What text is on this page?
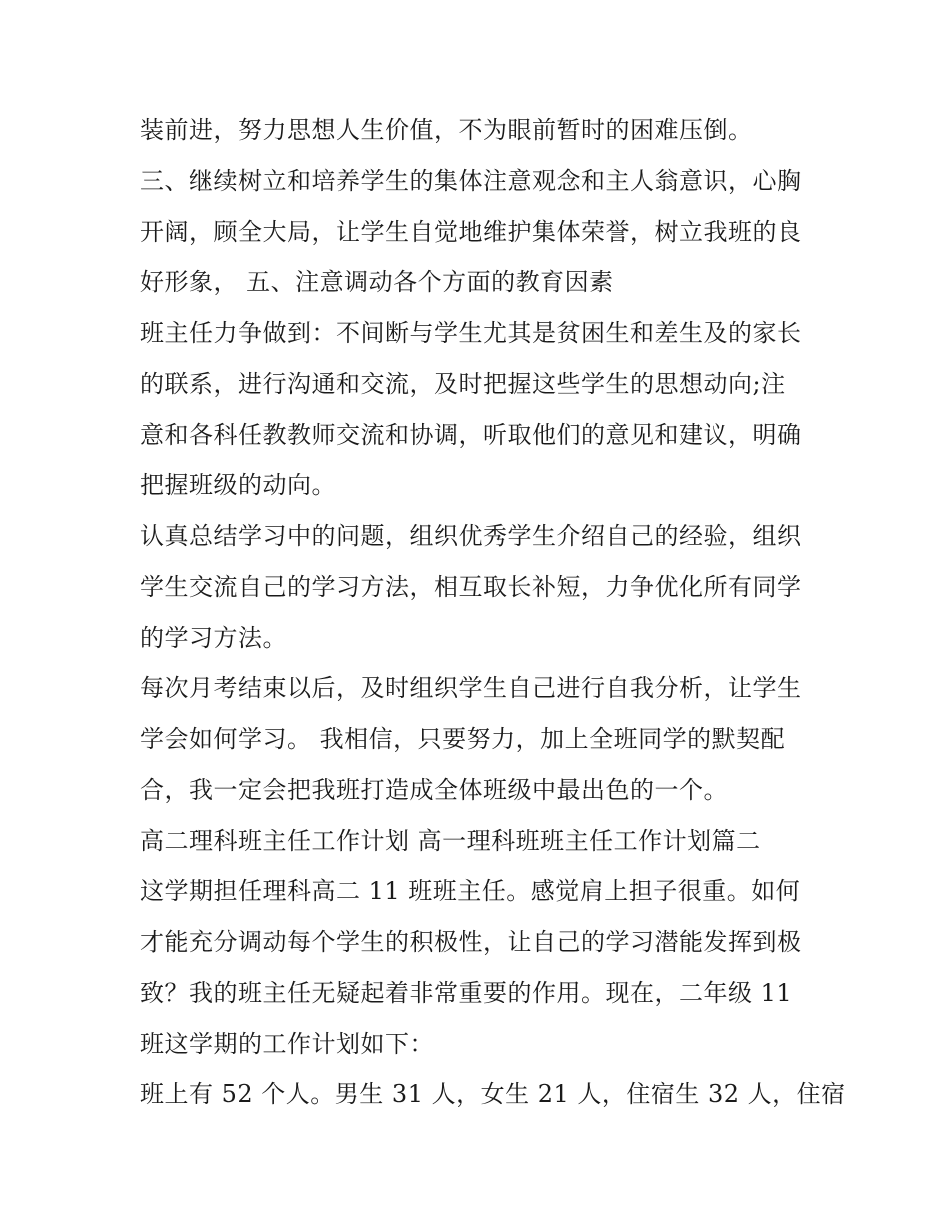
装前进，努力思想人生价值，不为眼前暂时的困难压倒。
三、继续树立和培养学生的集体注意观念和主人翁意识，心胸
开阔，顾全大局，让学生自觉地维护集体荣誉，树立我班的良
好形象， 五、注意调动各个方面的教育因素
班主任力争做到：不间断与学生尤其是贫困生和差生及的家长
的联系，进行沟通和交流，及时把握这些学生的思想动向;注
意和各科任教教师交流和协调，听取他们的意见和建议，明确
把握班级的动向。
认真总结学习中的问题，组织优秀学生介绍自己的经验，组织
学生交流自己的学习方法，相互取长补短，力争优化所有同学
的学习方法。
每次月考结束以后，及时组织学生自己进行自我分析，让学生
学会如何学习。 我相信，只要努力，加上全班同学的默契配
合，我一定会把我班打造成全体班级中最出色的一个。
高二理科班主任工作计划 高一理科班班主任工作计划篇二
这学期担任理科高二 11 班班主任。感觉肩上担子很重。如何
才能充分调动每个学生的积极性，让自己的学习潜能发挥到极
致？我的班主任无疑起着非常重要的作用。现在，二年级 11
班这学期的工作计划如下：
班上有 52 个人。男生 31 人，女生 21 人，住宿生 32 人，住宿
